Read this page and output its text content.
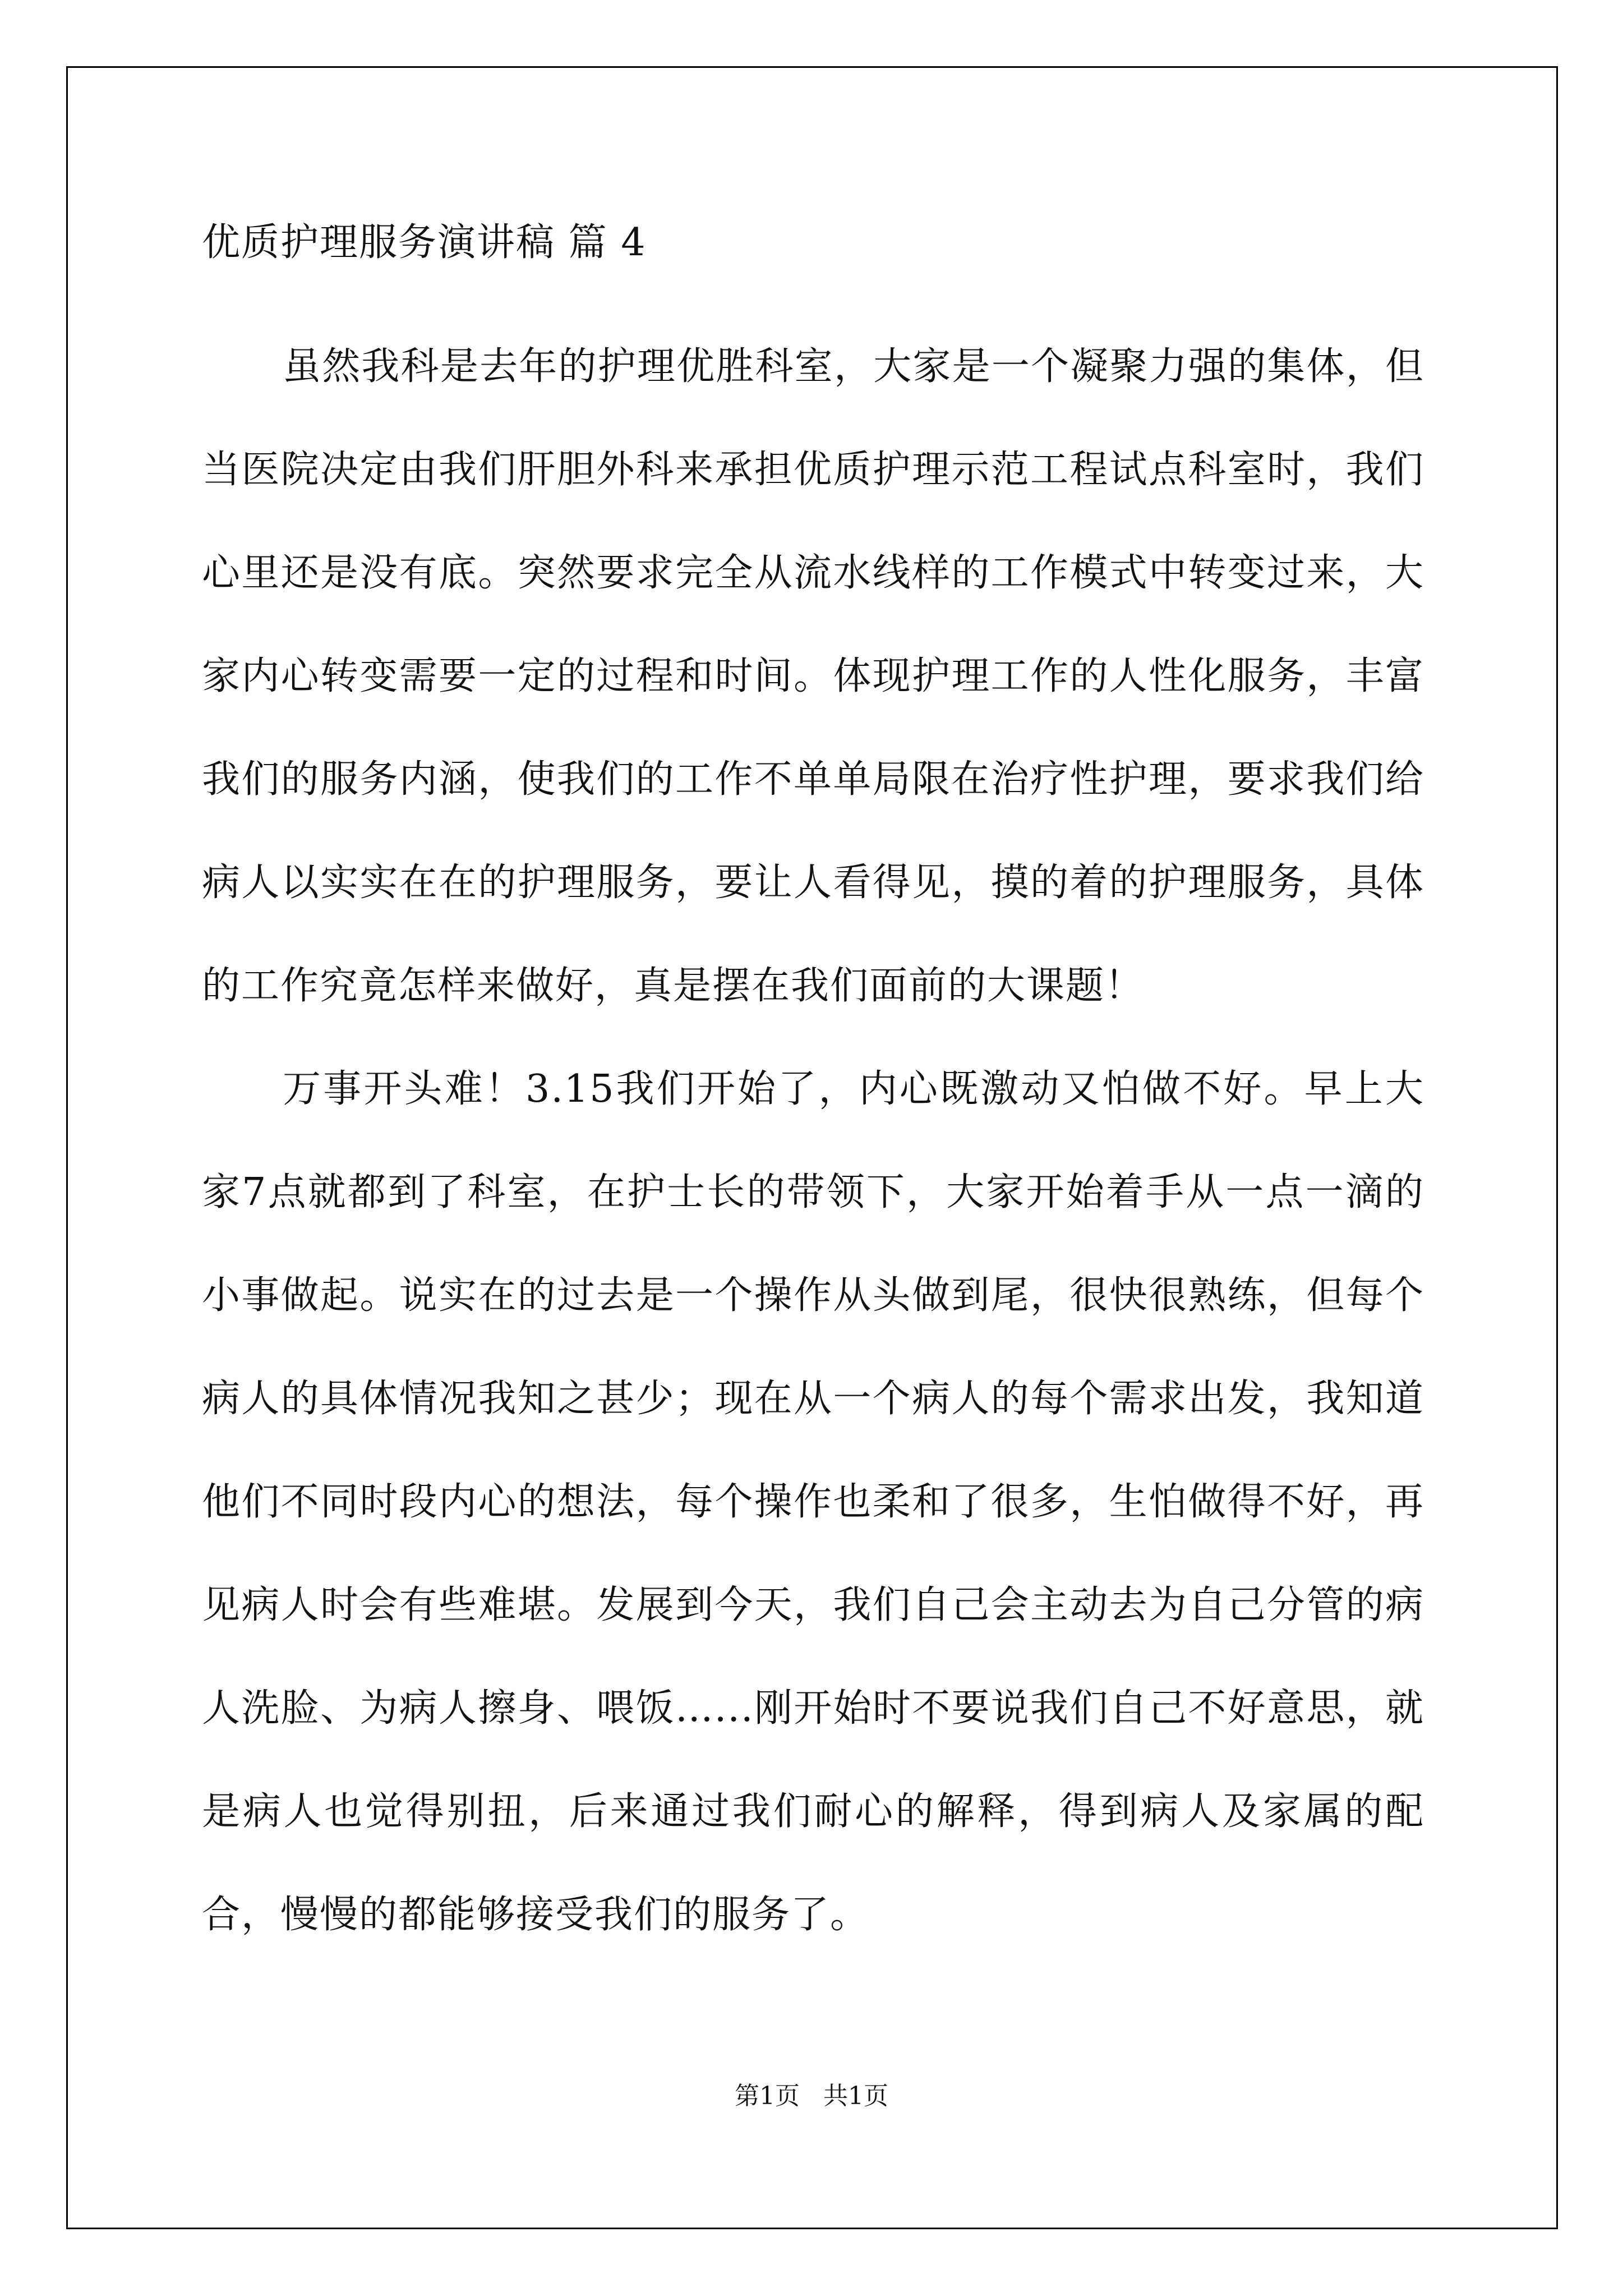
优质护理服务演讲稿 篇 4

虽然我科是去年的护理优胜科室，大家是一个凝聚力强的集体，但当医院决定由我们肝胆外科来承担优质护理示范工程试点科室时，我们心里还是没有底。突然要求完全从流水线样的工作模式中转变过来，大家内心转变需要一定的过程和时间。体现护理工作的人性化服务，丰富我们的服务内涵，使我们的工作不单单局限在治疗性护理，要求我们给病人以实实在在的护理服务，要让人看得见，摸的着的护理服务，具体的工作究竟怎样来做好，真是摆在我们面前的大课题！

万事开头难！3.15我们开始了，内心既激动又怕做不好。早上大家7点就都到了科室，在护士长的带领下，大家开始着手从一点一滴的小事做起。说实在的过去是一个操作从头做到尾，很快很熟练，但每个病人的具体情况我知之甚少；现在从一个病人的每个需求出发，我知道他们不同时段内心的想法，每个操作也柔和了很多，生怕做得不好，再见病人时会有些难堪。发展到今天，我们自己会主动去为自己分管的病人洗脸、为病人擦身、喂饭…...刚开始时不要说我们自己不好意思，就是病人也觉得别扭，后来通过我们耐心的解释，得到病人及家属的配合，慢慢的都能够接受我们的服务了。

第1页   共1页
